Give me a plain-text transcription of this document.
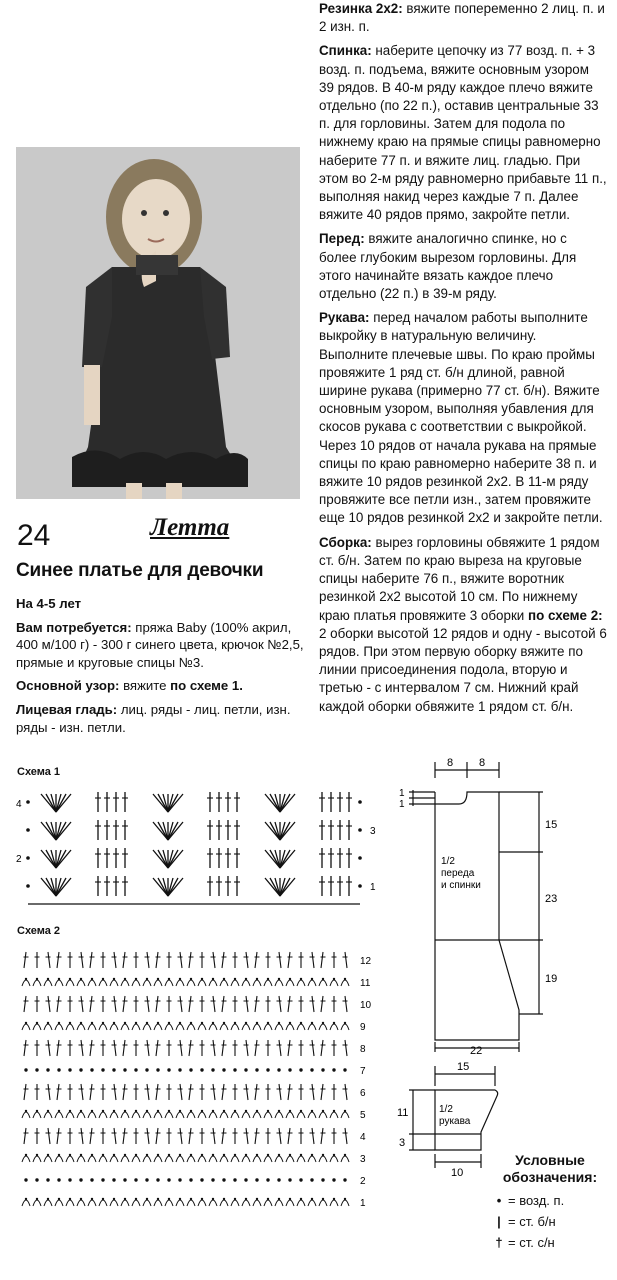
24	Летта
Синее платье для девочки

На 4-5 лет

Вам потребуется: пряжа Baby (100% акрил, 400 м/100 г) - 300 г синего цвета, крючок №2,5, прямые и круговые спицы №3.

Основной узор: вяжите по схеме 1.

Лицевая гладь: лиц. ряды - лиц. петли, изн. ряды - изн. петли.

Резинка 2х2: вяжите попеременно 2 лиц. п. и 2 изн. п.

Спинка: наберите цепочку из 77 возд. п. + 3 возд. п. подъема, вяжите основным узором 39 рядов. В 40-м ряду каждое плечо вяжите отдельно (по 22 п.), оставив центральные 33 п. для горловины. Затем для подола по нижнему краю на прямые спицы равномерно наберите 77 п. и вяжите лиц. гладью. При этом во 2-м ряду равномерно прибавьте 11 п., выполняя накид через каждые 7 п. Далее вяжите 40 рядов прямо, закройте петли.

Перед: вяжите аналогично спинке, но с более глубоким вырезом горловины. Для этого начинайте вязать каждое плечо отдельно (22 п.) в 39-м ряду.

Рукава: перед началом работы выполните выкройку в натуральную величину. Выполните плечевые швы. По краю проймы провяжите 1 ряд ст. б/н длиной, равной ширине рукава (примерно 77 ст. б/н). Вяжите основным узором, выполняя убавления для скосов рукава с соответствии с выкройкой. Через 10 рядов от начала рукава на прямые спицы по краю равномерно наберите 38 п. и вяжите 10 рядов резинкой 2х2. В 11-м ряду провяжите все петли изн., затем провяжите еще 10 рядов резинкой 2х2 и закройте петли.

Сборка: вырез горловины обвяжите 1 рядом ст. б/н. Затем по краю выреза на круговые спицы наберите 76 п., вяжите воротник резинкой 2х2 высотой 10 см. По нижнему краю платья провяжите 3 оборки по схеме 2: 2 оборки высотой 12 рядов и одну - высотой 6 рядов. При этом первую оборку вяжите по линии присоединения подола, вторую и третью - с интервалом 7 см. Нижний край каждой оборки обвяжите 1 рядом ст. б/н.

Схема 1
4
2
3
1
Схема 2
12
11
10
9
8
7
6
5
4
3
2
1
8 8
1
1
15
23
19
22
1/2
переда
и спинки
15
11
3
10
1/2
рукава
Условные
обозначения:
• = возд. п.
| = ст. б/н
† = ст. с/н
